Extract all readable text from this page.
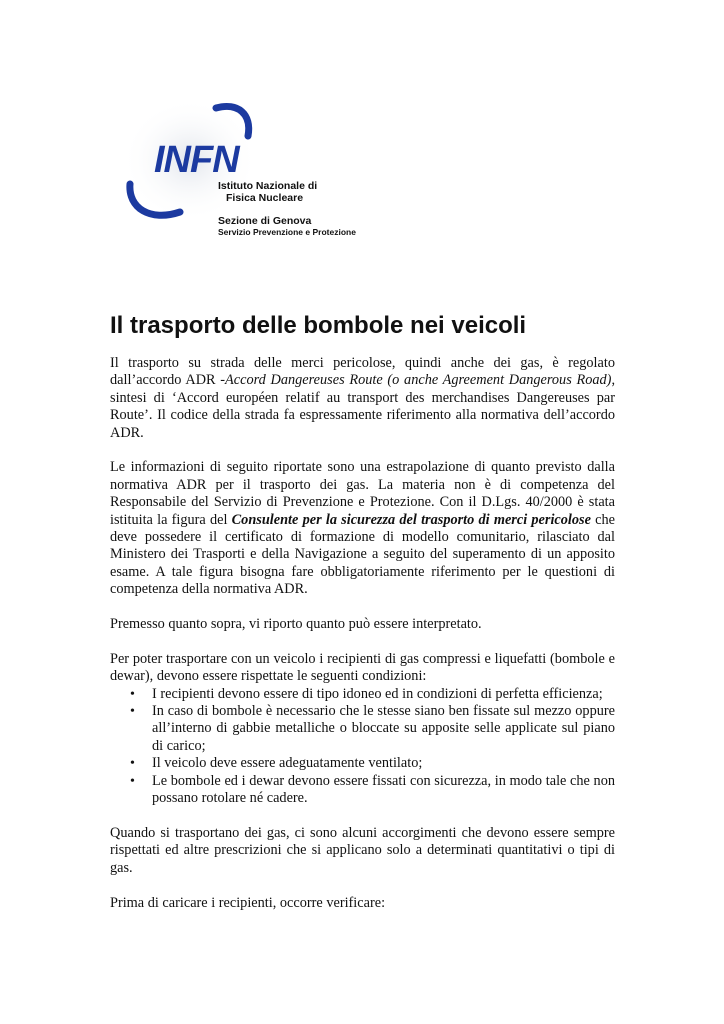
INFN
Istituto Nazionale di
Fisica Nucleare
Sezione di Genova
Servizio Prevenzione e Protezione
Il trasporto delle bombole nei veicoli

Il trasporto su strada delle merci pericolose, quindi anche dei gas, è regolato dall’accordo ADR -Accord Dangereuses Route (o anche Agreement Dangerous Road), sintesi di ‘Accord européen relatif au transport des merchandises Dangereuses par Route’. Il codice della strada fa espressamente riferimento alla normativa dell’accordo ADR.

Le informazioni di seguito riportate sono una estrapolazione di quanto previsto dalla normativa ADR per il trasporto dei gas. La materia non è di competenza del Responsabile del Servizio di Prevenzione e Protezione. Con il D.Lgs. 40/2000 è stata istituita la figura del Consulente per la sicurezza del trasporto di merci pericolose che deve possedere il certificato di formazione di modello comunitario, rilasciato dal Ministero dei Trasporti e della Navigazione a seguito del superamento di un apposito esame. A tale figura bisogna fare obbligatoriamente riferimento per le questioni di competenza della normativa ADR.

Premesso quanto sopra, vi riporto quanto può essere interpretato.

Per poter trasportare con un veicolo i recipienti di gas compressi e liquefatti (bombole e dewar), devono essere rispettate le seguenti condizioni:

• I recipienti devono essere di tipo idoneo ed in condizioni di perfetta efficienza;
• In caso di bombole è necessario che le stesse siano ben fissate sul mezzo oppure all’interno di gabbie metalliche o bloccate su apposite selle applicate sul piano di carico;
• Il veicolo deve essere adeguatamente ventilato;
• Le bombole ed i dewar devono essere fissati con sicurezza, in modo tale che non possano rotolare né cadere.

Quando si trasportano dei gas, ci sono alcuni accorgimenti che devono essere sempre rispettati ed altre prescrizioni che si applicano solo a determinati quantitativi o tipi di gas.

Prima di caricare i recipienti, occorre verificare:
